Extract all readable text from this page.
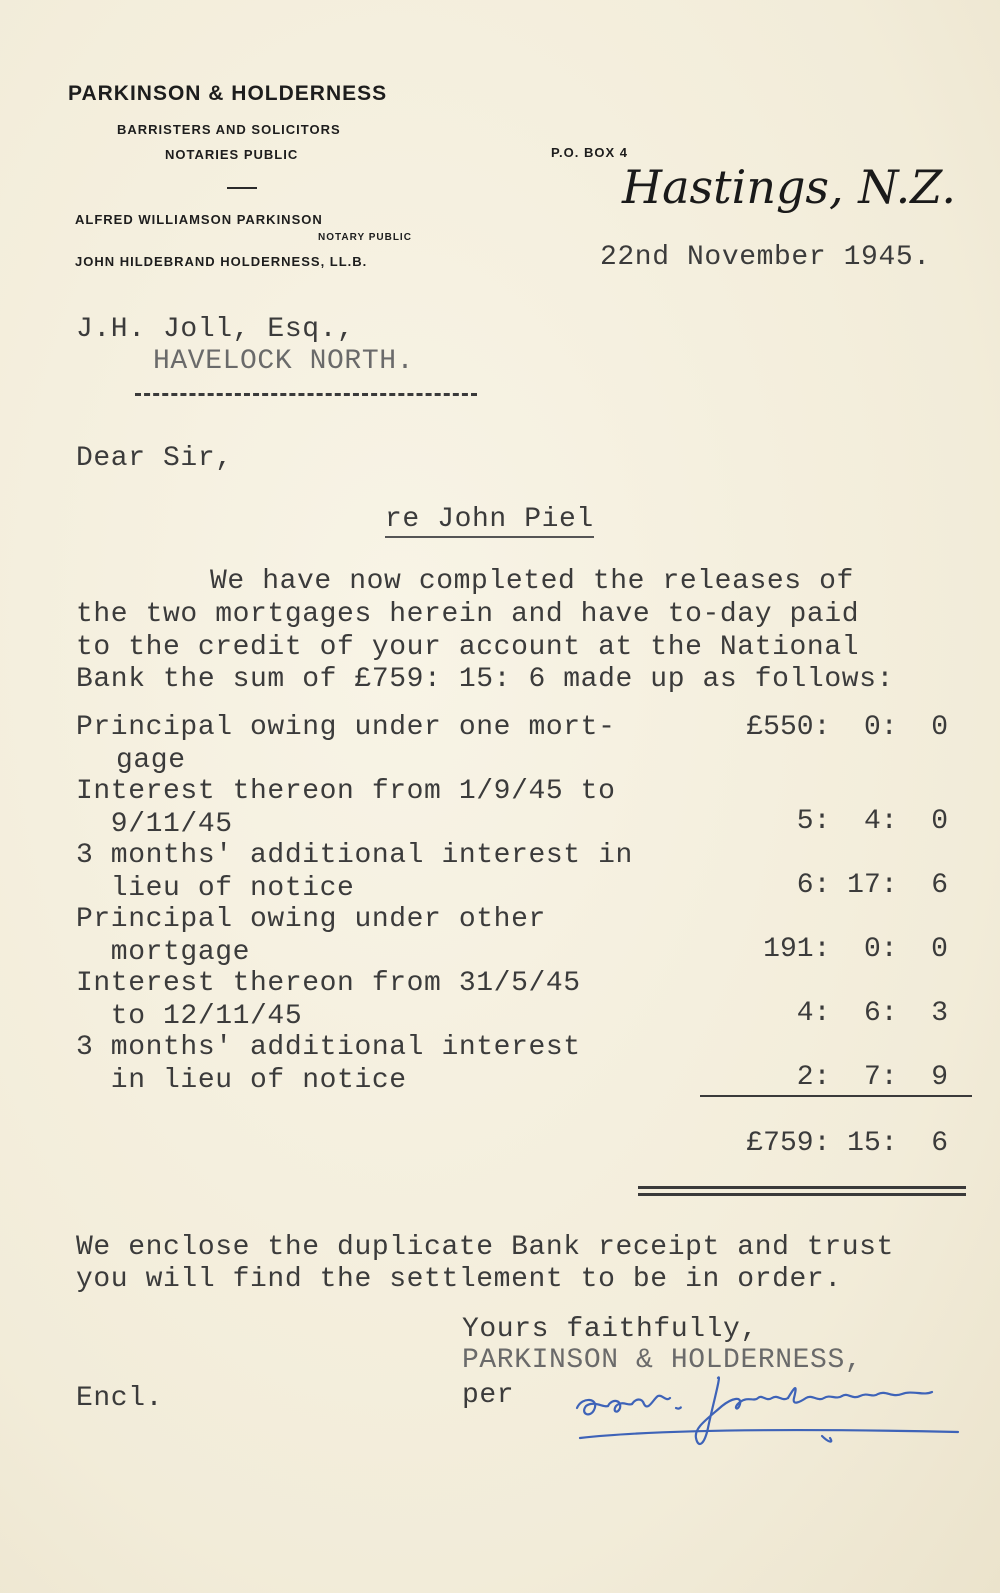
PARKINSON & HOLDERNESS
BARRISTERS AND SOLICITORS
NOTARIES PUBLIC
ALFRED WILLIAMSON PARKINSON
NOTARY PUBLIC
JOHN HILDEBRAND HOLDERNESS, LL.B.
P.O. BOX 4
Hastings, N.Z.
22nd November 1945.
J.H. Joll, Esq.,
HAVELOCK NORTH.
Dear Sir,
re John Piel
We have now completed the releases of
the two mortgages herein and have to-day paid
to the credit of your account at the National
Bank the sum of £759: 15: 6 made up as follows:
Principal owing under one mort-
gage
£550:  0:  0
Interest thereon from 1/9/45 to
9/11/45	5:  4:  0
3 months' additional interest in
lieu of notice	6: 17:  6
Principal owing under other
mortgage	191:  0:  0
Interest thereon from 31/5/45
to 12/11/45	4:  6:  3
3 months' additional interest
in lieu of notice	2:  7:  9
£759: 15:  6
We enclose the duplicate Bank receipt and trust
you will find the settlement to be in order.
Yours faithfully,
PARKINSON & HOLDERNESS,
per
Encl.
